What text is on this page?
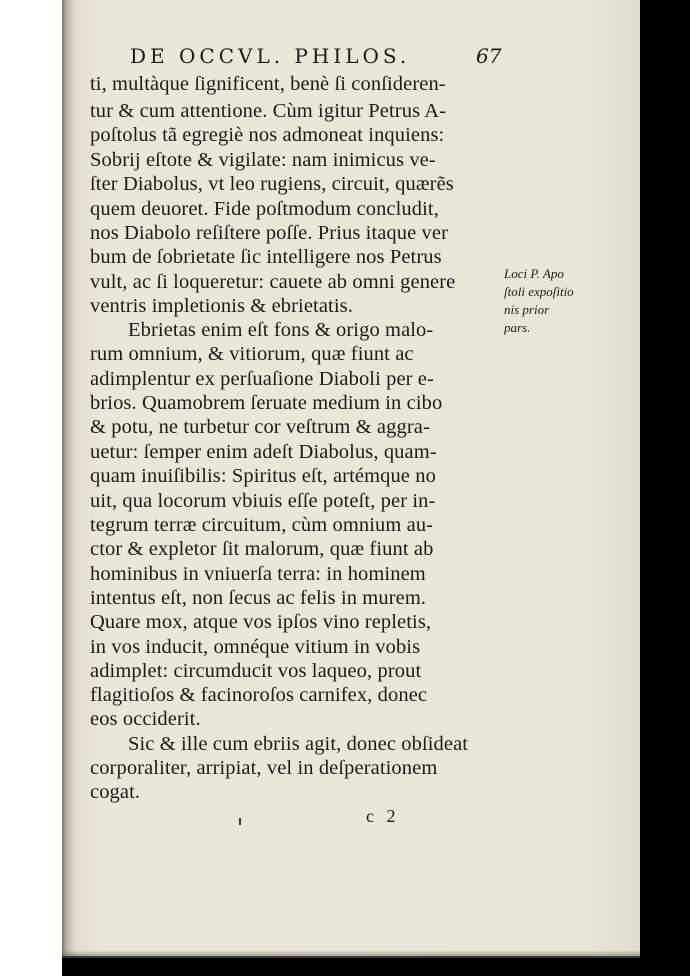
DE OCCVL. PHILOS.	67
ti, multàque ſignificent, benè ſi conſideren-
tur & cum attentione. Cùm igitur Petrus A-
poſtolus tã egregiè nos admoneat inquiens:
Sobrij eſtote & vigilate: nam inimicus ve-
ſter Diabolus, vt leo rugiens, circuit, quærẽs
quem deuoret. Fide poſtmodum concludit,
nos Diabolo reſiſtere poſſe. Prius itaque ver
bum de ſobrietate ſic intelligere nos Petrus
vult, ac ſi loqueretur: cauete ab omni genere
ventris impletionis & ebrietatis.
Ebrietas enim eſt fons & origo malo-
rum omnium, & vitiorum, quæ fiunt ac
adimplentur ex perſuaſione Diaboli per e-
brios. Quamobrem ſeruate medium in cibo
& potu, ne turbetur cor veſtrum & aggra-
uetur: ſemper enim adeſt Diabolus, quam-
quam inuiſibilis: Spiritus eſt, artémque no
uit, qua locorum vbiuis eſſe poteſt, per in-
tegrum terræ circuitum, cùm omnium au-
ctor & expletor ſit malorum, quæ fiunt ab
hominibus in vniuerſa terra: in hominem
intentus eſt, non ſecus ac felis in murem.
Quare mox, atque vos ipſos vino repletis,
in vos inducit, omnéque vitium in vobis
adimplet: circumducit vos laqueo, prout
flagitioſos & facinoroſos carnifex, donec
eos occiderit.
Sic & ille cum ebriis agit, donec obſideat
corporaliter, arripiat, vel in deſperationem
cogat.
Loci P. Apo
ſtoli expoſitio
nis prior
pars.
c 2
